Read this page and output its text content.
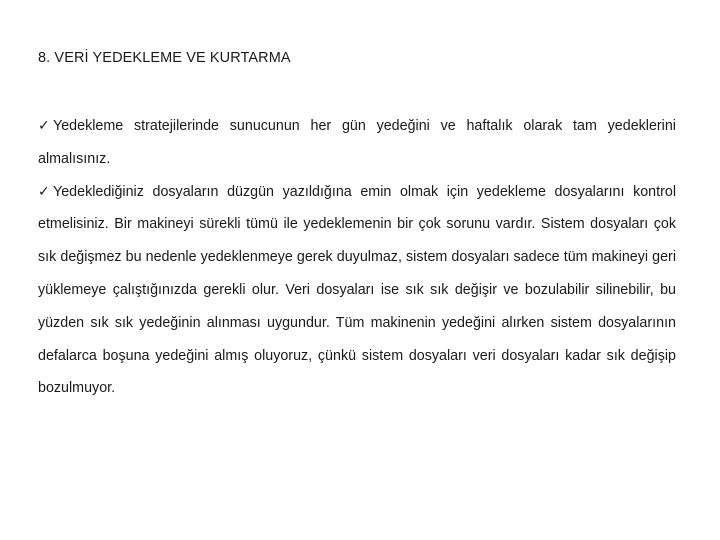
8. VERİ YEDEKLEME VE KURTARMA

✓ Yedekleme stratejilerinde sunucunun her gün yedeğini ve haftalık olarak tam yedeklerini almalısınız.

✓ Yedeklediğiniz dosyaların düzgün yazıldığına emin olmak için yedekleme dosyalarını kontrol etmelisiniz. Bir makineyi sürekli tümü ile yedeklemenin bir çok sorunu vardır. Sistem dosyaları çok sık değişmez bu nedenle yedeklenmeye gerek duyulmaz, sistem dosyaları sadece tüm makineyi geri yüklemeye çalıştığınızda gerekli olur. Veri dosyaları ise sık sık değişir ve bozulabilir silinebilir, bu yüzden sık sık yedeğinin alınması uygundur. Tüm makinenin yedeğini alırken sistem dosyalarının defalarca boşuna yedeğini almış oluyoruz, çünkü sistem dosyaları veri dosyaları kadar sık değişip bozulmuyor.
